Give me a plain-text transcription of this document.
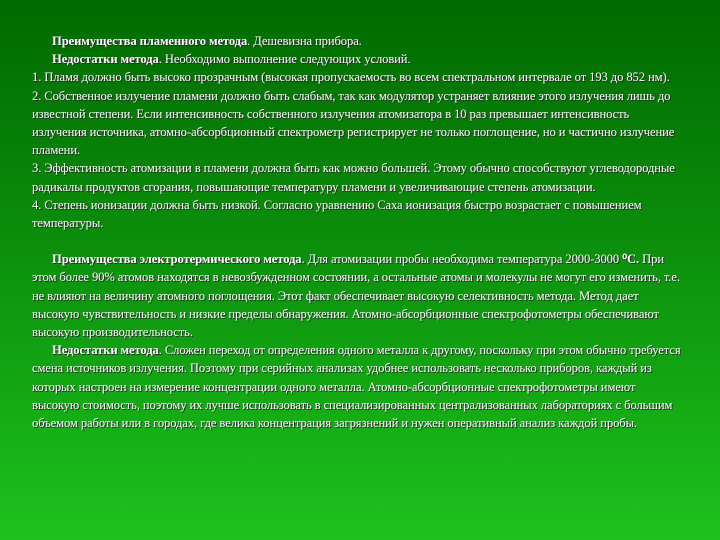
Преимущества пламенного метода. Дешевизна прибора.

Недостатки метода. Необходимо выполнение следующих условий.

1. Пламя должно быть высоко прозрачным (высокая пропускаемость во всем спектральном интервале от 193 до 852 нм).

2. Собственное излучение пламени должно быть слабым, так как модулятор устраняет влияние этого излучения лишь до известной степени. Если интенсивность собственного излучения атомизатора в 10 раз превышает интенсивность излучения источника, атомно-абсорбционный спектрометр регистрирует не только поглощение, но и частично излучение пламени.

3. Эффективность атомизации в пламени должна быть как можно большей. Этому обычно способствуют углеводородные радикалы продуктов сгорания, повышающие температуру пламени и увеличивающие степень атомизации.

4. Степень ионизации должна быть низкой. Согласно уравнению Саха ионизация быстро возрастает с повышением температуры.

Преимущества электротермического метода. Для атомизации пробы необходима температура 2000-3000 ⁰С. При этом более 90% атомов находятся в невозбужденном состоянии, а остальные атомы и молекулы не могут его изменить, т.е. не влияют на величину атомного поглощения. Этот факт обеспечивает высокую селективность метода. Метод дает высокую чувствительность и низкие пределы обнаружения. Атомно-абсорбционные спектрофотометры обеспечивают высокую производительность.

Недостатки метода. Сложен переход от определения одного металла к другому, поскольку при этом обычно требуется смена источников излучения. Поэтому при серийных анализах удобнее использовать несколько приборов, каждый из которых настроен на измерение концентрации одного металла. Атомно-абсорбционные спектрофотометры имеют высокую стоимость, поэтому их лучше использовать в специализированных централизованных лабораториях с большим объемом работы или в городах, где велика концентрация загрязнений и нужен оперативный анализ каждой пробы.
